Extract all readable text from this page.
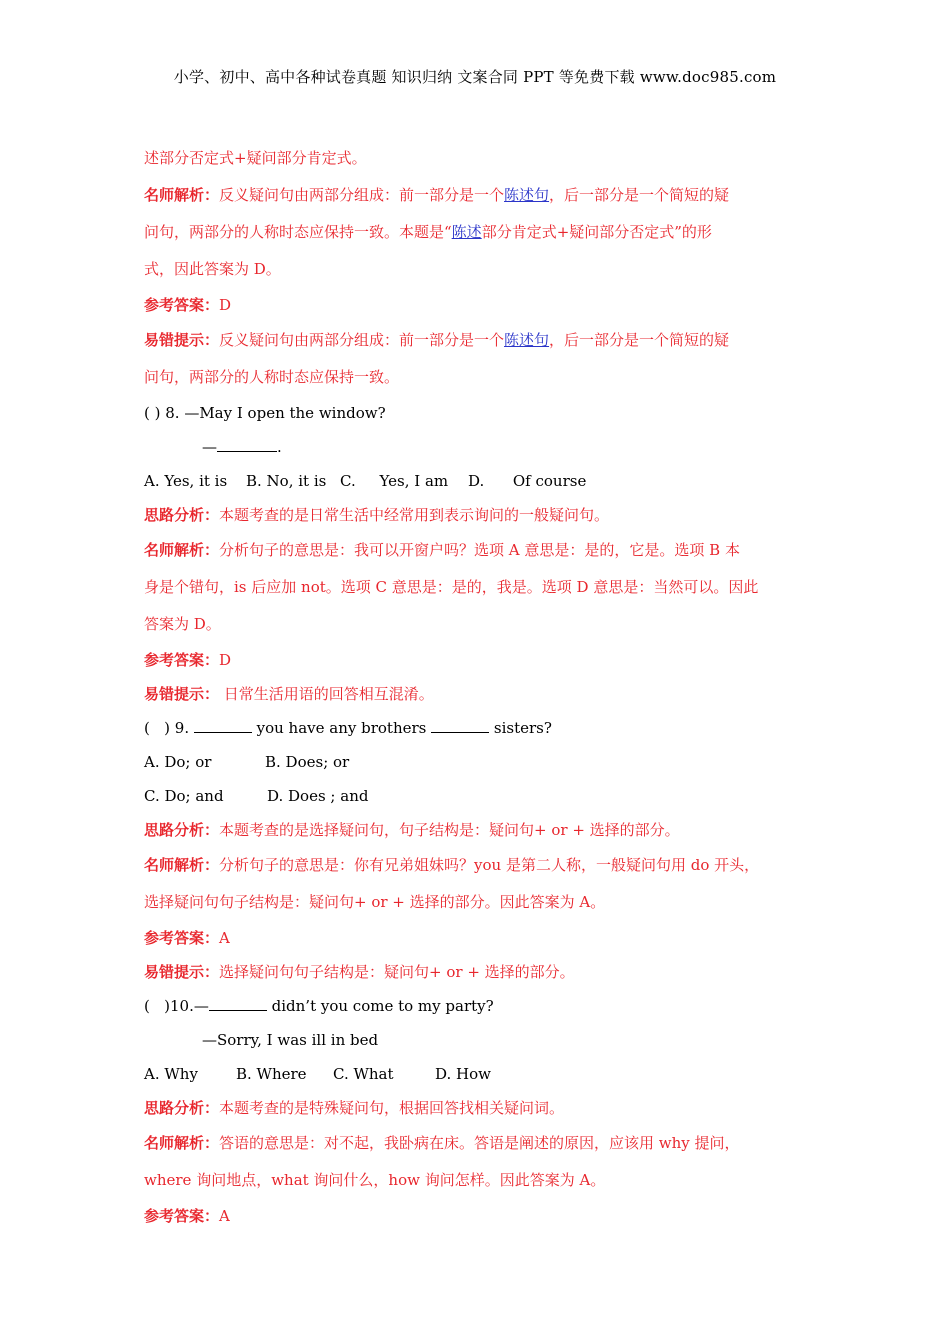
小学、初中、高中各种试卷真题 知识归纳 文案合同 PPT 等免费下载 www.doc985.com
述部分否定式+疑问部分肯定式。
名师解析：反义疑问句由两部分组成：前一部分是一个陈述句，后一部分是一个简短的疑
问句，两部分的人称时态应保持一致。本题是“陈述部分肯定式+疑问部分否定式”的形
式，因此答案为 D。
参考答案：D
易错提示：反义疑问句由两部分组成：前一部分是一个陈述句，后一部分是一个简短的疑
问句，两部分的人称时态应保持一致。
( ) 8. —May I open the window?
—	.
A. Yes, it is B. No, it is C.     Yes, I am D.      Of course
思路分析：本题考查的是日常生活中经常用到表示询问的一般疑问句。
名师解析：分析句子的意思是：我可以开窗户吗？选项 A 意思是：是的，它是。选项 B 本
身是个错句，is 后应加 not。选项 C 意思是：是的，我是。选项 D 意思是：当然可以。因此
答案为 D。
参考答案：D
易错提示： 日常生活用语的回答相互混淆。
(   ) 9.	you have any brothers	sisters?
A. Do; or	B. Does; or
C. Do; and	D. Does ; and
思路分析：本题考查的是选择疑问句，句子结构是：疑问句+ or + 选择的部分。
名师解析：分析句子的意思是：你有兄弟姐妹吗？you 是第二人称，一般疑问句用 do 开头，
选择疑问句句子结构是：疑问句+ or + 选择的部分。因此答案为 A。
参考答案：A
易错提示：选择疑问句句子结构是：疑问句+ or + 选择的部分。
(   )10.—	didn’t you come to my party?
—Sorry, I was ill in bed
A. Why	B. Where C. What	D. How
思路分析：本题考查的是特殊疑问句，根据回答找相关疑问词。
名师解析：答语的意思是：对不起，我卧病在床。答语是阐述的原因，应该用 why 提问，
where 询问地点，what 询问什么，how 询问怎样。因此答案为 A。
参考答案：A
